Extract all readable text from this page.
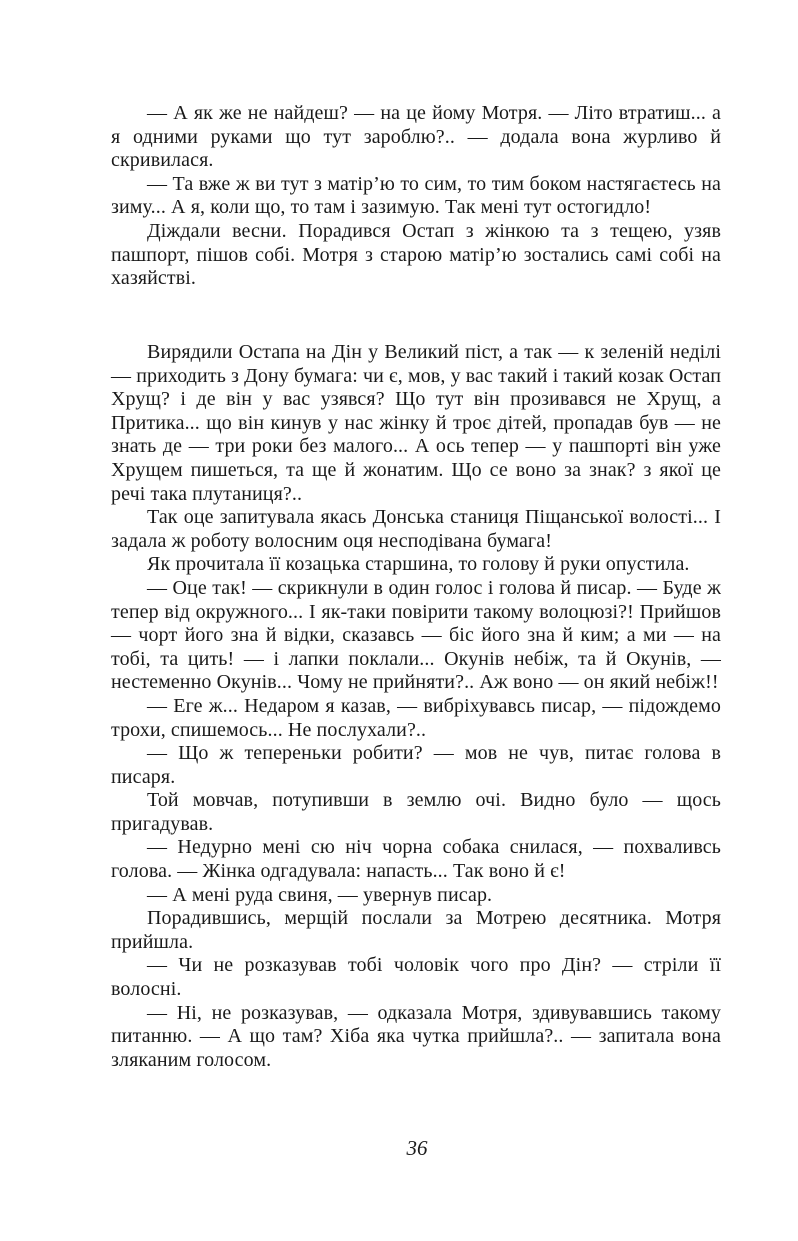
— А як же не найдеш? — на це йому Мотря. — Літо втратиш... а я одними руками що тут зароблю?.. — додала вона журливо й скривилася.

— Та вже ж ви тут з матір’ю то сим, то тим боком настягаєтесь на зиму... А я, коли що, то там і зазимую. Так мені тут остогидло!

Діждали весни. Порадився Остап з жінкою та з тещею, узяв пашпорт, пішов собі. Мотря з старою матір’ю зостались самі собі на хазяйстві.

Вирядили Остапа на Дін у Великий піст, а так — к зеленій неділі — приходить з Дону бумага: чи є, мов, у вас такий і такий козак Остап Хрущ? і де він у вас узявся? Що тут він прозивався не Хрущ, а Притика... що він кинув у нас жінку й троє дітей, пропадав був — не знать де — три роки без малого... А ось тепер — у пашпорті він уже Хрущем пишеться, та ще й жонатим. Що се воно за знак? з якої це речі така плутаниця?..

Так оце запитувала якась Донська станиця Піщанської волості... І задала ж роботу волосним оця несподівана бумага!

Як прочитала її козацька старшина, то голову й руки опустила.

— Оце так! — скрикнули в один голос і голова й писар. — Буде ж тепер від окружного... І як-таки повірити такому волоцюзі?! Прийшов — чорт його зна й відки, сказавсь — біс його зна й ким; а ми — на тобі, та цить! — і лапки поклали... Окунів небіж, та й Окунів, — нестеменно Окунів... Чому не прийняти?.. Аж воно — он який небіж!!

— Еге ж... Недаром я казав, — вибріхувавсь писар, — підождемо трохи, спишемось... Не послухали?..

— Що ж тепереньки робити? — мов не чув, питає голова в писаря.

Той мовчав, потупивши в землю очі. Видно було — щось пригадував.

— Недурно мені сю ніч чорна собака снилася, — похваливсь голова. — Жінка одгадувала: напасть... Так воно й є!

— А мені руда свиня, — увернув писар.

Порадившись, мерщій послали за Мотрею десятника. Мотря прийшла.

— Чи не розказував тобі чоловік чого про Дін? — стріли її волосні.

— Ні, не розказував, — одказала Мотря, здивувавшись такому питанню. — А що там? Хіба яка чутка прийшла?.. — запитала вона зляканим голосом.

36
